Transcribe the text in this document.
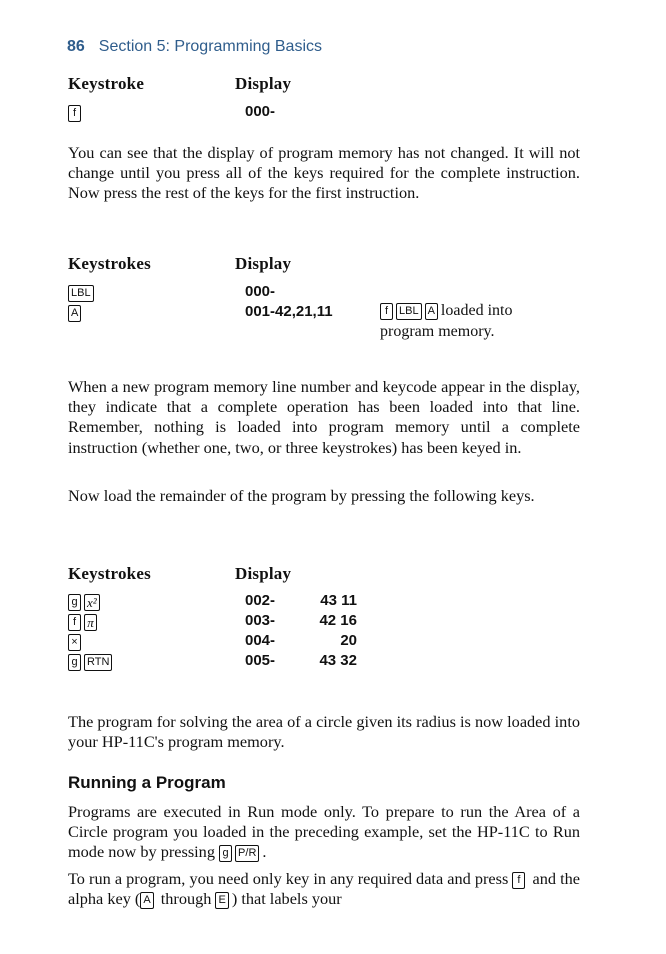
86 Section 5: Programming Basics
Keystroke	Display
f	000-

You can see that the display of program memory has not changed. It will not change until you press all of the keys required for the complete instruction. Now press the rest of the keys for the first instruction.

Keystrokes	Display
LBL	000-
A	001-42,21,11	f LBL A loaded into
program memory.

When a new program memory line number and keycode appear in the display, they indicate that a complete operation has been loaded into that line. Remember, nothing is loaded into program memory until a complete instruction (whether one, two, or three keystrokes) has been keyed in.

Now load the remainder of the program by pressing the following keys.

Keystrokes	Display
g x²	002-	43 11
f π	003-	42 16
×	004-	20
g RTN	005-	43 32

The program for solving the area of a circle given its radius is now loaded into your HP-11C's program memory.

Running a Program

Programs are executed in Run mode only. To prepare to run the Area of a Circle program you loaded in the preceding example, set the HP-11C to Run mode now by pressing g P/R .

To run a program, you need only key in any required data and press f and the alpha key ( A through E ) that labels your
